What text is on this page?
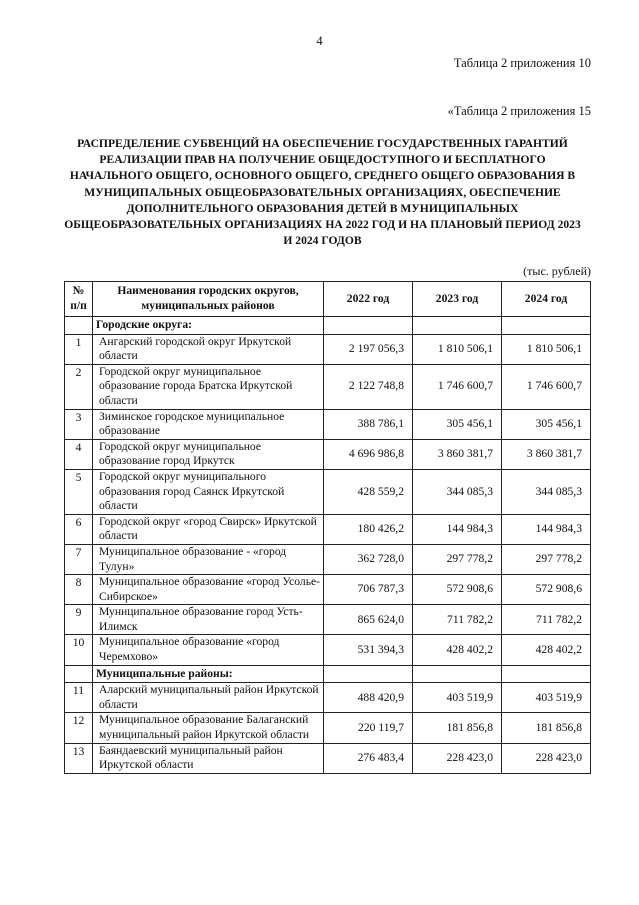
4
Таблица 2 приложения 10
«Таблица 2 приложения 15
РАСПРЕДЕЛЕНИЕ СУБВЕНЦИЙ НА ОБЕСПЕЧЕНИЕ ГОСУДАРСТВЕННЫХ ГАРАНТИЙ РЕАЛИЗАЦИИ ПРАВ НА ПОЛУЧЕНИЕ ОБЩЕДОСТУПНОГО И БЕСПЛАТНОГО НАЧАЛЬНОГО ОБЩЕГО, ОСНОВНОГО ОБЩЕГО, СРЕДНЕГО ОБЩЕГО ОБРАЗОВАНИЯ В МУНИЦИПАЛЬНЫХ ОБЩЕОБРАЗОВАТЕЛЬНЫХ ОРГАНИЗАЦИЯХ, ОБЕСПЕЧЕНИЕ ДОПОЛНИТЕЛЬНОГО ОБРАЗОВАНИЯ ДЕТЕЙ В МУНИЦИПАЛЬНЫХ ОБЩЕОБРАЗОВАТЕЛЬНЫХ ОРГАНИЗАЦИЯХ НА 2022 ГОД И НА ПЛАНОВЫЙ ПЕРИОД 2023 И 2024 ГОДОВ
(тыс. рублей)
№ п/п	Наименования городских округов, муниципальных районов	2022 год	2023 год	2024 год
	Городские округа:			
1	Ангарский городской округ Иркутской области	2 197 056,3	1 810 506,1	1 810 506,1
2	Городской округ муниципальное образование города Братска Иркутской области	2 122 748,8	1 746 600,7	1 746 600,7
3	Зиминское городское муниципальное образование	388 786,1	305 456,1	305 456,1
4	Городской округ муниципальное образование город Иркутск	4 696 986,8	3 860 381,7	3 860 381,7
5	Городской округ муниципального образования город Саянск Иркутской области	428 559,2	344 085,3	344 085,3
6	Городской округ «город Свирск» Иркутской области	180 426,2	144 984,3	144 984,3
7	Муниципальное образование - «город Тулун»	362 728,0	297 778,2	297 778,2
8	Муниципальное образование «город Усолье-Сибирское»	706 787,3	572 908,6	572 908,6
9	Муниципальное образование город Усть-Илимск	865 624,0	711 782,2	711 782,2
10	Муниципальное образование «город Черемхово»	531 394,3	428 402,2	428 402,2
	Муниципальные районы:			
11	Аларский муниципальный район Иркутской области	488 420,9	403 519,9	403 519,9
12	Муниципальное образование Балаганский муниципальный район Иркутской области	220 119,7	181 856,8	181 856,8
13	Баяндаевский муниципальный район Иркутской области	276 483,4	228 423,0	228 423,0
